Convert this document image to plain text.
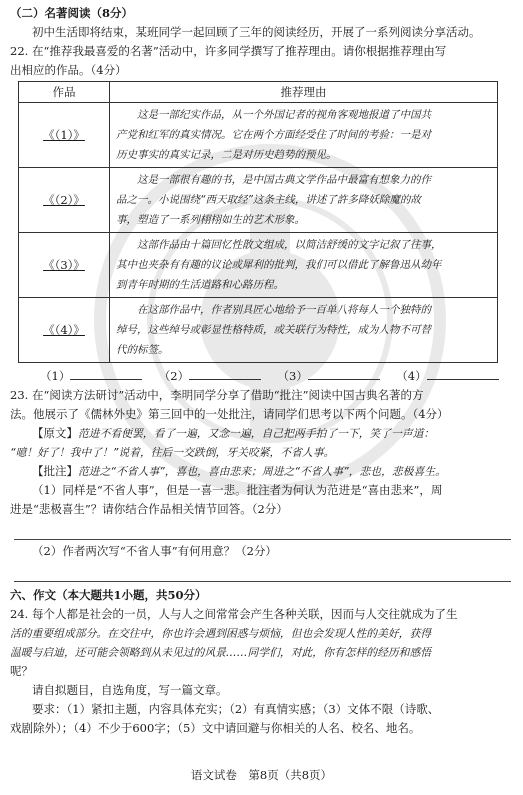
（二）名著阅读（8分）
初中生活即将结束，某班同学一起回顾了三年的阅读经历，开展了一系列阅读分享活动。
22. 在“推荐我最喜爱的名著”活动中，许多同学撰写了推荐理由。请你根据推荐理由写
出相应的作品。（4分）
作品	推荐理由
《（1）》	这是一部纪实作品，从一个外国记者的视角客观地报道了中国共
产党和红军的真实情况。它在两个方面经受住了时间的考验：一是对
历史事实的真实记录，二是对历史趋势的预见。

《（2）》	这是一部很有趣的书，是中国古典文学作品中最富有想象力的作
品之一。小说围绕“西天取经”这条主线，讲述了許多降妖除魔的故
事，塑造了一系列栩栩如生的艺术形象。

《（3）》	这部作品由十篇回忆性散文组成，以简洁舒缓的文字记叙了往事，
其中也夹杂有有趣的议论或犀利的批判，我们可以借此了解鲁迅从幼年
到青年时期的生活道路和心路历程。

《（4）》	在这部作品中，作者别具匠心地给予一百单八将每人一个独特的
绰号，这些绰号或彰显性格特质，或关联行为特性，成为人物不可替
代的标签。
（1）	（2）	（3）	（4）
23. 在“阅读方法研讨”活动中，李明同学分享了借助“批注”阅读中国古典名著的方
法。他展示了《儒林外史》第三回中的一处批注，请同学们思考以下两个问题。（4分）
【原文】范进不看便罢，看了一遍，又念一遍，自己把两手拍了一下，笑了一声道：
“噫！好了！我中了！”说着，往后一交跌倒，牙关咬紧，不省人事。
【批注】范进之“不省人事”，喜也，喜由悲来；周进之“不省人事”，悲也，悲极喜生。
（1）同样是“不省人事”，但是一喜一悲。批注者为何认为范进是“喜由悲来”，周
进是“悲极喜生”？请你结合作品相关情节回答。（2分）
（2）作者两次写“不省人事”有何用意？（2分）
六、作文（本大题共1小题，共50分）
24. 每个人都是社会的一员，人与人之间常常会产生各种关联，因而与人交往就成为了生
活的重要组成部分。在交往中，你也许会遇到困惑与烦恼，但也会发现人性的美好，获得
温暖与启迪，还可能会领略到从未见过的风景……同学们，对此，你有怎样的经历和感悟
呢？
请自拟题目，自选角度，写一篇文章。
要求：（1）紧扣主题，内容具体充实；（2）有真情实感；（3）文体不限（诗歌、
戏剧除外）；（4）不少于600字；（5）文中请回避与你相关的人名、校名、地名。
语文试卷　第8页（共8页）
